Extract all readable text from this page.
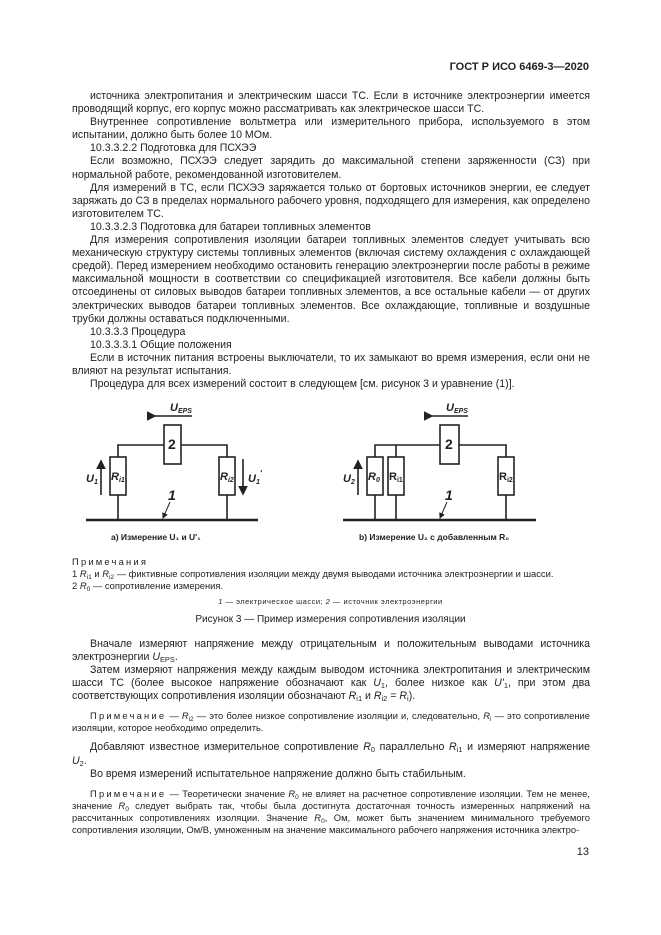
ГОСТ Р ИСО 6469-3—2020

источника электропитания и электрическим шасси ТС. Если в источнике электроэнергии имеется проводящий корпус, его корпус можно рассматривать как электрическое шасси ТС.

Внутреннее сопротивление вольтметра или измерительного прибора, используемого в этом испытании, должно быть более 10 МОм.

10.3.3.2.2 Подготовка для ПСХЭЭ

Если возможно, ПСХЭЭ следует зарядить до максимальной степени заряженности (СЗ) при нормальной работе, рекомендованной изготовителем.

Для измерений в ТС, если ПСХЭЭ заряжается только от бортовых источников энергии, ее следует заряжать до СЗ в пределах нормального рабочего уровня, подходящего для измерения, как определено изготовителем ТС.

10.3.3.2.3 Подготовка для батареи топливных элементов

Для измерения сопротивления изоляции батареи топливных элементов следует учитывать всю механическую структуру системы топливных элементов (включая систему охлаждения с охлаждающей средой). Перед измерением необходимо остановить генерацию электроэнергии после работы в режиме максимальной мощности в соответствии со спецификацией изготовителя. Все кабели должны быть отсоединены от силовых выводов батареи топливных элементов, а все остальные кабели — от других электрических выводов батареи топливных элементов. Все охлаждающие, топливные и воздушные трубки должны оставаться подключенными.

10.3.3.3 Процедура

10.3.3.3.1 Общие положения

Если в источник питания встроены выключатели, то их замыкают во время измерения, если они не влияют на результат испытания.

Процедура для всех измерений состоит в следующем [см. рисунок 3 и уравнение (1)].

UEPS	UEPS
2	2
1	1
U1 Ri1	Ri2 U1'	U2 R0 Ri1	Ri2
a) Измерение U₁ и U'₁	b) Измерение U₂ с добавленным R₀
Примечания
1 $R_{i1}$ и $R_{i2}$ — фиктивные сопротивления изоляции между двумя выводами источника электроэнергии и шасси.
2 $R_0$ — сопротивление измерения.
1 — электрическое шасси; 2 — источник электроэнергии
Рисунок 3 — Пример измерения сопротивления изоляции

Вначале измеряют напряжение между отрицательным и положительным выводами источника электроэнергии $U_{EPS}$.

Затем измеряют напряжения между каждым выводом источника электропитания и электрическим шасси ТС (более высокое напряжение обозначают как $U_1$, более низкое как $U'_1$, при этом два соответствующих сопротивления изоляции обозначают $R_{i1}$ и $R_{i2} = R_i$).

Примечание — $R_{i2}$ — это более низкое сопротивление изоляции и, следовательно, $R_i$ — это сопротивление изоляции, которое необходимо определить.

Добавляют известное измерительное сопротивление $R_0$ параллельно $R_{i1}$ и измеряют напряжение $U_2$.

Во время измерений испытательное напряжение должно быть стабильным.

Примечание — Теоретически значение $R_0$ не влияет на расчетное сопротивление изоляции. Тем не менее, значение $R_0$ следует выбрать так, чтобы была достигнута достаточная точность измеренных напряжений на рассчитанных сопротивлениях изоляции. Значение $R_0$, Ом, может быть значением минимального требуемого сопротивления изоляции, Ом/В, умноженным на значение максимального рабочего напряжения источника электро-

13
